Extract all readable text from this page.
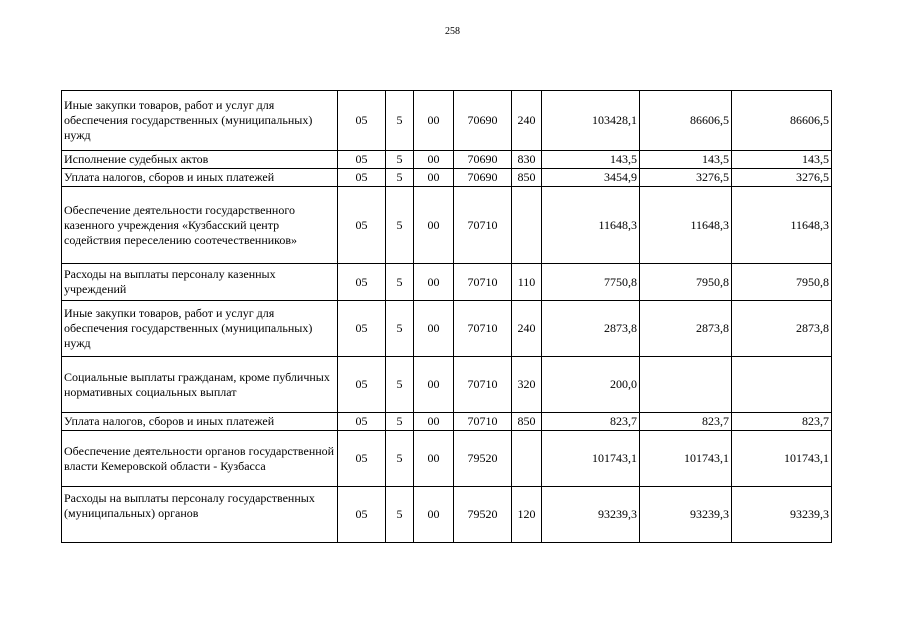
258
Иные закупки товаров, работ и услуг для обеспечения государственных (муниципальных) нужд	05	5	00	70690	240	103428,1	86606,5	86606,5
Исполнение судебных актов	05	5	00	70690	830	143,5	143,5	143,5
Уплата налогов, сборов и иных платежей	05	5	00	70690	850	3454,9	3276,5	3276,5
Обеспечение деятельности государственного казенного учреждения «Кузбасский центр содействия переселению соотечественников»	05	5	00	70710		11648,3	11648,3	11648,3
Расходы на выплаты персоналу казенных учреждений	05	5	00	70710	110	7750,8	7950,8	7950,8
Иные закупки товаров, работ и услуг для обеспечения государственных (муниципальных) нужд	05	5	00	70710	240	2873,8	2873,8	2873,8
Социальные выплаты гражданам, кроме публичных нормативных социальных выплат	05	5	00	70710	320	200,0		
Уплата налогов, сборов и иных платежей	05	5	00	70710	850	823,7	823,7	823,7
Обеспечение деятельности органов государственной власти Кемеровской области - Кузбасса	05	5	00	79520		101743,1	101743,1	101743,1
Расходы на выплаты персоналу государственных (муниципальных) органов	05	5	00	79520	120	93239,3	93239,3	93239,3
